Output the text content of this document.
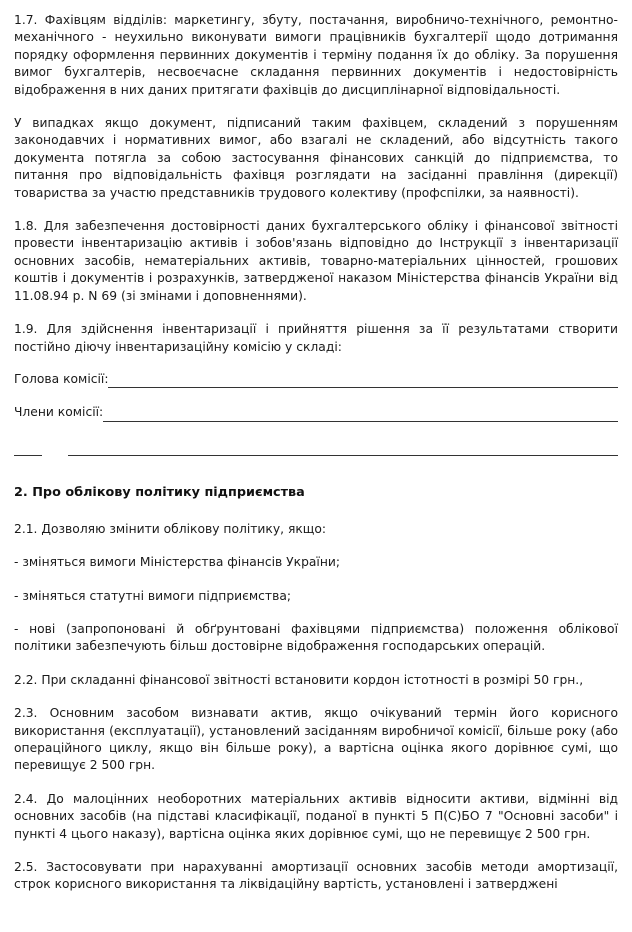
1.7. Фахівцям відділів: маркетингу, збуту, постачання, виробничо-технічного, ремонтно-механічного - неухильно виконувати вимоги працівників бухгалтерії щодо дотримання порядку оформлення первинних документів і терміну подання їх до обліку. За порушення вимог бухгалтерів, несвоєчасне складання первинних документів і недостовірність відображення в них даних притягати фахівців до дисциплінарної відповідальності.

У випадках якщо документ, підписаний таким фахівцем, складений з порушенням законодавчих і нормативних вимог, або взагалі не складений, або відсутність такого документа потягла за собою застосування фінансових санкцій до підприємства, то питання про відповідальність фахівця розглядати на засіданні правління (дирекції) товариства за участю представників трудового колективу (профспілки, за наявності).

1.8. Для забезпечення достовірності даних бухгалтерського обліку і фінансової звітності провести інвентаризацію активів і зобов'язань відповідно до Інструкції з інвентаризації основних засобів, нематеріальних активів, товарно-матеріальних цінностей, грошових коштів і документів і розрахунків, затвердженої наказом Міністерства фінансів України від 11.08.94 р. N 69 (зі змінами і доповненнями).

1.9. Для здійснення інвентаризації і прийняття рішення за її результатами створити постійно діючу інвентаризаційну комісію у складі:

Голова комісії:
Члени комісії:
2. Про облікову політику підприємства

2.1. Дозволяю змінити облікову політику, якщо:

- зміняться вимоги Міністерства фінансів України;

- зміняться статутні вимоги підприємства;

- нові (запропоновані й обґрунтовані фахівцями підприємства) положення облікової політики забезпечують більш достовірне відображення господарських операцій.

2.2. При складанні фінансової звітності встановити кордон істотності в розмірі 50 грн.,

2.3. Основним засобом визнавати актив, якщо очікуваний термін його корисного використання (експлуатації), установлений засіданням виробничої комісії, більше року (або операційного циклу, якщо він більше року), а вартісна оцінка якого дорівнює сумі, що перевищує 2 500 грн.

2.4. До малоцінних необоротних матеріальних активів відносити активи, відмінні від основних засобів (на підставі класифікації, поданої в пункті 5 П(С)БО 7 "Основні засоби" і пункті 4 цього наказу), вартісна оцінка яких дорівнює сумі, що не перевищує 2 500 грн.

2.5. Застосовувати при нарахуванні амортизації основних засобів методи амортизації, строк корисного використання та ліквідаційну вартість, установлені і затверджені
